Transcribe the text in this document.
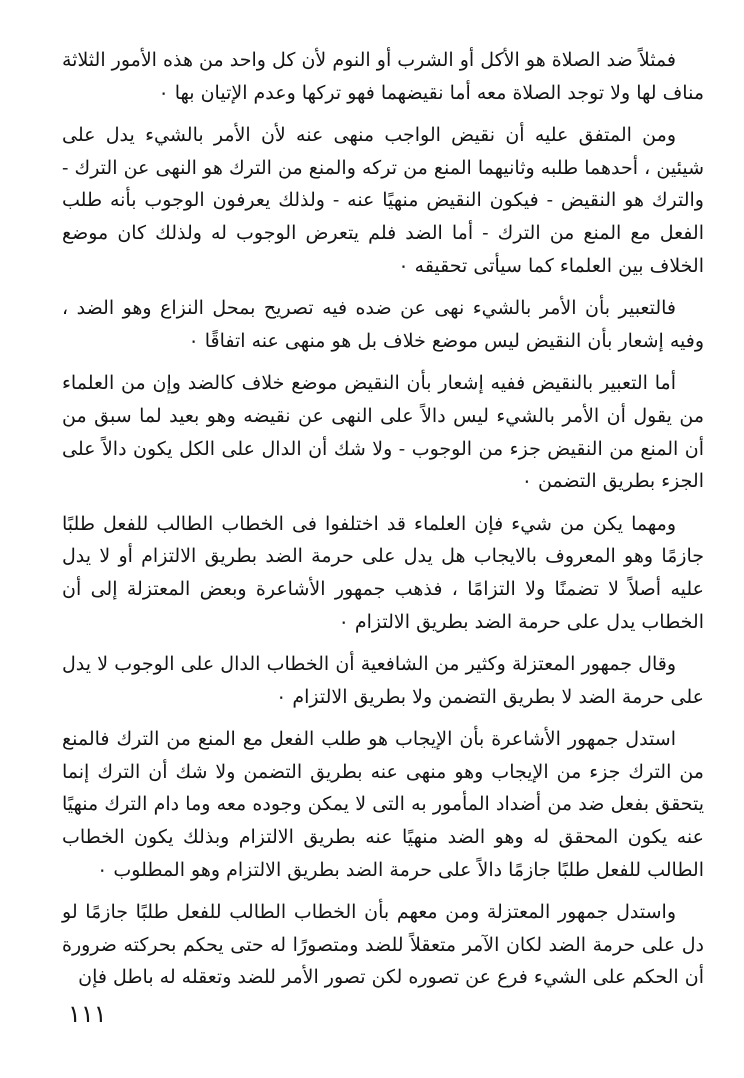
فمثلاً ضد الصلاة هو الأكل أو الشرب أو النوم لأن كل واحد من هذه الأمور الثلاثة مناف لها ولا توجد الصلاة معه أما نقيضهما فهو تركها وعدم الإتيان بها ٠

ومن المتفق عليه أن نقيض الواجب منهى عنه لأن الأمر بالشيء يدل على شيئين ، أحدهما طلبه وثانيهما المنع من تركه والمنع من الترك هو النهى عن الترك - والترك هو النقيض - فيكون النقيض منهيًا عنه - ولذلك يعرفون الوجوب بأنه طلب الفعل مع المنع من الترك - أما الضد فلم يتعرض الوجوب له ولذلك كان موضع الخلاف بين العلماء كما سيأتى تحقيقه ٠

فالتعبير بأن الأمر بالشيء نهى عن ضده فيه تصريح بمحل النزاع وهو الضد ، وفيه إشعار بأن النقيض ليس موضع خلاف بل هو منهى عنه اتفاقًا ٠

أما التعبير بالنقيض ففيه إشعار بأن النقيض موضع خلاف كالضد وإن من العلماء من يقول أن الأمر بالشيء ليس دالاً على النهى عن نقيضه وهو بعيد لما سبق من أن المنع من النقيض جزء من الوجوب - ولا شك أن الدال على الكل يكون دالاً على الجزء بطريق التضمن ٠

ومهما يكن من شيء فإن العلماء قد اختلفوا فى الخطاب الطالب للفعل طلبًا جازمًا وهو المعروف بالايجاب هل يدل على حرمة الضد بطريق الالتزام أو لا يدل عليه أصلاً لا تضمنًا ولا التزامًا ، فذهب جمهور الأشاعرة وبعض المعتزلة إلى أن الخطاب يدل على حرمة الضد بطريق الالتزام ٠

وقال جمهور المعتزلة وكثير من الشافعية أن الخطاب الدال على الوجوب لا يدل على حرمة الضد لا بطريق التضمن ولا بطريق الالتزام ٠

استدل جمهور الأشاعرة بأن الإيجاب هو طلب الفعل مع المنع من الترك فالمنع من الترك جزء من الإيجاب وهو منهى عنه بطريق التضمن ولا شك أن الترك إنما يتحقق بفعل ضد من أضداد المأمور به التى لا يمكن وجوده معه وما دام الترك منهيًا عنه يكون المحقق له وهو الضد منهيًا عنه بطريق الالتزام وبذلك يكون الخطاب الطالب للفعل طلبًا جازمًا دالاً على حرمة الضد بطريق الالتزام وهو المطلوب ٠

واستدل جمهور المعتزلة ومن معهم بأن الخطاب الطالب للفعل طلبًا جازمًا لو دل على حرمة الضد لكان الآمر متعقلاً للضد ومتصورًا له حتى يحكم بحركته ضرورة أن الحكم على الشيء فرع عن تصوره لكن تصور الأمر للضد وتعقله له باطل فإن

١١١
